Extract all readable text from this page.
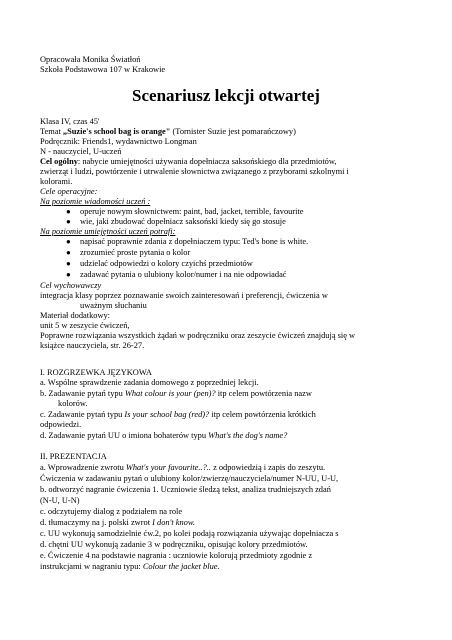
Opracowała Monika Światłoń
Szkoła Podstawowa 107 w Krakowie
Scenariusz lekcji otwartej
Klasa IV, czas 45'
Temat „Suzie's school bag is orange" (Tornister Suzie jest pomarańczowy)
Podręcznik: Friends1, wydawnictwo Longman
N - nauczyciel, U-uczeń
Cel ogólny: nabycie umiejętności używania dopełniacza saksońskiego dla przedmiotów,
zwierząt i ludzi, powtórzenie i utrwalenie słownictwa związanego z przyborami szkolnymi i
kolorami.
Cele operacyjne:
Na poziomie wiadomości uczeń :
● operuje nowym słownictwem: paint, bad, jacket, terrible, favourite
● wie, jaki zbudować dopełniacz saksoński kiedy się go stosuje
Na poziomie umiejętności uczeń potrafi:
● napisać poprawnie zdania z dopełniaczem typu: Ted's bone is white.
● zrozumieć proste pytania o kolor
● udzielać odpowiedzi o kolory czyichś przedmiotów
● zadawać pytania o ulubiony kolor/numer i na nie odpowiadać
Cel wychowawczy
integracja klasy poprzez poznawanie swoich zainteresowań i preferencji, ćwiczenia w
uważnym słuchaniu
Materiał dodatkowy:
unit 5 w zeszycie ćwiczeń,
Poprawne rozwiązania wszystkich żądań w podręczniku oraz zeszycie ćwiczeń znajdują się w
książce nauczyciela, str. 26-27.
I. ROZGRZEWKA JĘZYKOWA
a. Wspólne sprawdzenie zadania domowego z poprzedniej lekcji.
b. Zadawanie pytań typu What colour is your (pen)? itp celem powtórzenia nazw
kolorów.
c. Zadawanie pytań typu Is your school bag (red)? itp celem powtórzenia krótkich
odpowiedzi.
d. Zadawanie pytań UU o imiona bohaterów typu What's the dog's name?
II. PREZENTACJA
a. Wprowadzenie zwrotu What's your favourite..?.. z odpowiedzią i zapis do zeszytu.
Ćwiczenia w zadawaniu pytań o ulubiony kolor/zwierzę/nauczyciela/numer N-UU, U-U,
b. odtworzyć nagranie ćwiczenia 1. Uczniowie śledzą tekst, analiza trudniejszych zdań
(N-U, U-N)
c. odczytujemy dialog z podziałem na role
d. tłumaczymy na j. polski zwrot I don't know.
c. UU wykonują samodzielnie ćw.2, po kolei podają rozwiązania używając dopełniacza s
d. chętni UU wykonują zadanie 3 w podręczniku, opisując kolory przedmiotów.
e. Ćwiczenie 4 na podstawie nagrania : uczniowie kolorują przedmioty zgodnie z
instrukcjami w nagraniu typu: Colour the jacket blue.
